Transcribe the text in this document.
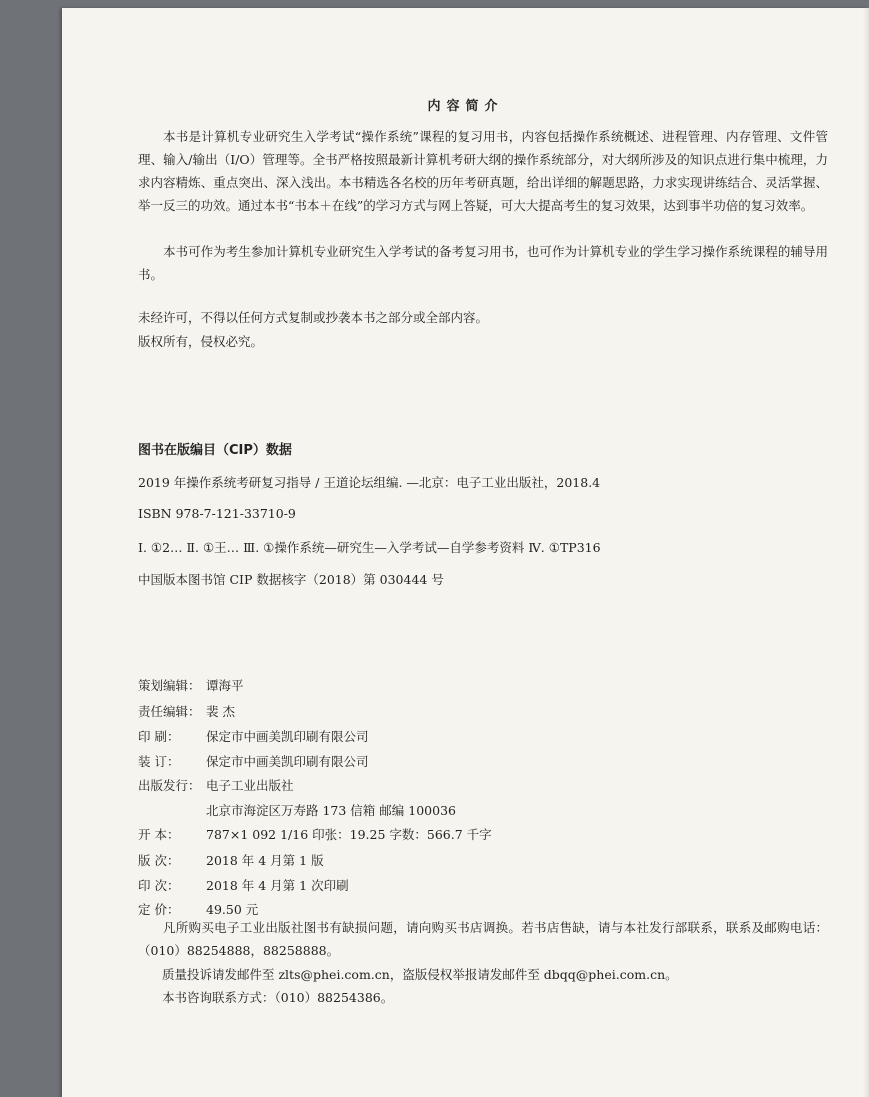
内容简介
本书是计算机专业研究生入学考试“操作系统”课程的复习用书，内容包括操作系统概述、进程管理、内存管理、文件管理、输入/输出（I/O）管理等。全书严格按照最新计算机考研大纲的操作系统部分，对大纲所涉及的知识点进行集中梳理，力求内容精炼、重点突出、深入浅出。本书精选各名校的历年考研真题，给出详细的解题思路，力求实现讲练结合、灵活掌握、举一反三的功效。通过本书“书本＋在线”的学习方式与网上答疑，可大大提高考生的复习效果，达到事半功倍的复习效率。
本书可作为考生参加计算机专业研究生入学考试的备考复习用书，也可作为计算机专业的学生学习操作系统课程的辅导用书。
未经许可，不得以任何方式复制或抄袭本书之部分或全部内容。
版权所有，侵权必究。
图书在版编目（CIP）数据
2019 年操作系统考研复习指导 / 王道论坛组编. —北京：电子工业出版社，2018.4
ISBN 978-7-121-33710-9
Ⅰ. ①2… Ⅱ. ①王… Ⅲ. ①操作系统—研究生—入学考试—自学参考资料 Ⅳ. ①TP316
中国版本图书馆 CIP 数据核字（2018）第 030444 号
策划编辑： 谭海平
责任编辑： 裴 杰
印 刷： 保定市中画美凯印刷有限公司
装 订： 保定市中画美凯印刷有限公司
出版发行： 电子工业出版社
北京市海淀区万寿路 173 信箱 邮编 100036
开 本： 787×1 092 1/16 印张：19.25 字数：566.7 千字
版 次： 2018 年 4 月第 1 版
印 次： 2018 年 4 月第 1 次印刷
定 价： 49.50 元
凡所购买电子工业出版社图书有缺损问题，请向购买书店调换。若书店售缺，请与本社发行部联系，联系及邮购电话：（010）88254888，88258888。
质量投诉请发邮件至 zlts@phei.com.cn，盗版侵权举报请发邮件至 dbqq@phei.com.cn。
本书咨询联系方式：（010）88254386。
